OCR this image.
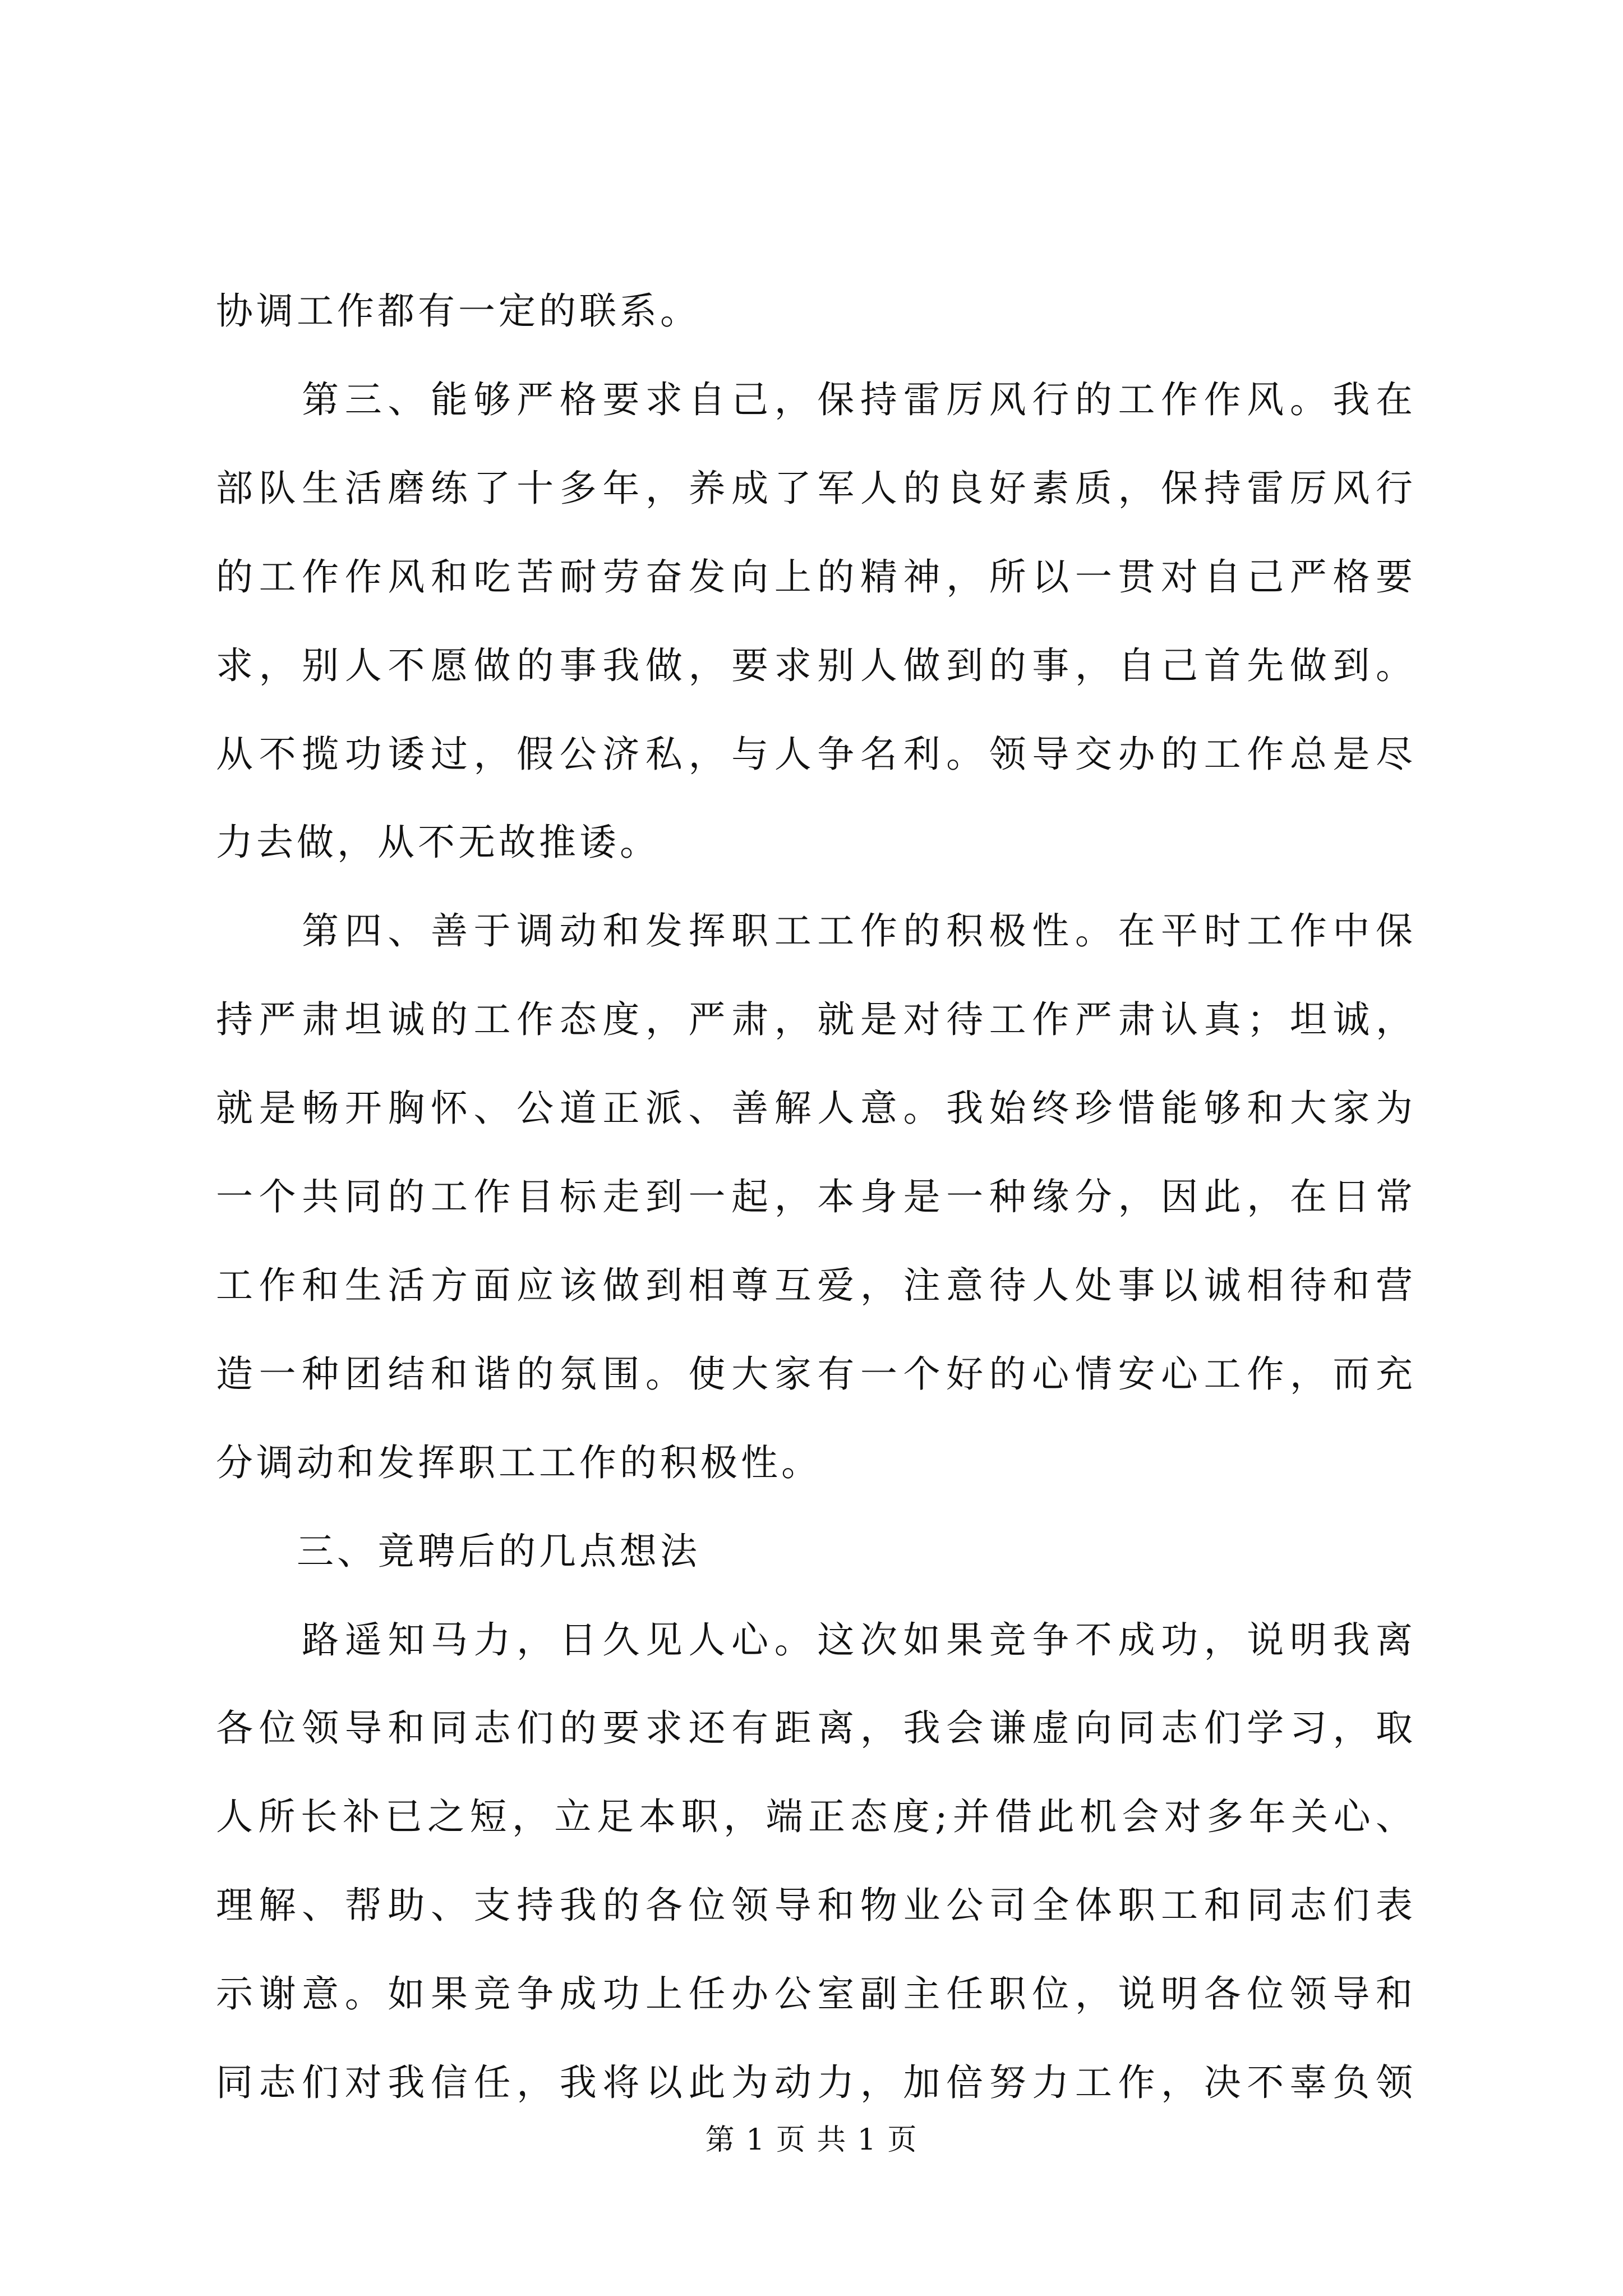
协调工作都有一定的联系。
　　第三、能够严格要求自己，保持雷厉风行的工作作风。我在
部队生活磨练了十多年，养成了军人的良好素质，保持雷厉风行
的工作作风和吃苦耐劳奋发向上的精神，所以一贯对自己严格要
求，别人不愿做的事我做，要求别人做到的事，自己首先做到。
从不揽功诿过，假公济私，与人争名利。领导交办的工作总是尽
力去做，从不无故推诿。
　　第四、善于调动和发挥职工工作的积极性。在平时工作中保
持严肃坦诚的工作态度，严肃，就是对待工作严肃认真；坦诚，
就是畅开胸怀、公道正派、善解人意。我始终珍惜能够和大家为
一个共同的工作目标走到一起，本身是一种缘分，因此，在日常
工作和生活方面应该做到相尊互爱，注意待人处事以诚相待和营
造一种团结和谐的氛围。使大家有一个好的心情安心工作，而充
分调动和发挥职工工作的积极性。
　　三、竟聘后的几点想法
　　路遥知马力，日久见人心。这次如果竞争不成功，说明我离
各位领导和同志们的要求还有距离，我会谦虚向同志们学习，取
人所长补已之短，立足本职，端正态度;并借此机会对多年关心、
理解、帮助、支持我的各位领导和物业公司全体职工和同志们表
示谢意。如果竞争成功上任办公室副主任职位，说明各位领导和
同志们对我信任，我将以此为动力，加倍努力工作，决不辜负领
第 1 页 共 1 页
